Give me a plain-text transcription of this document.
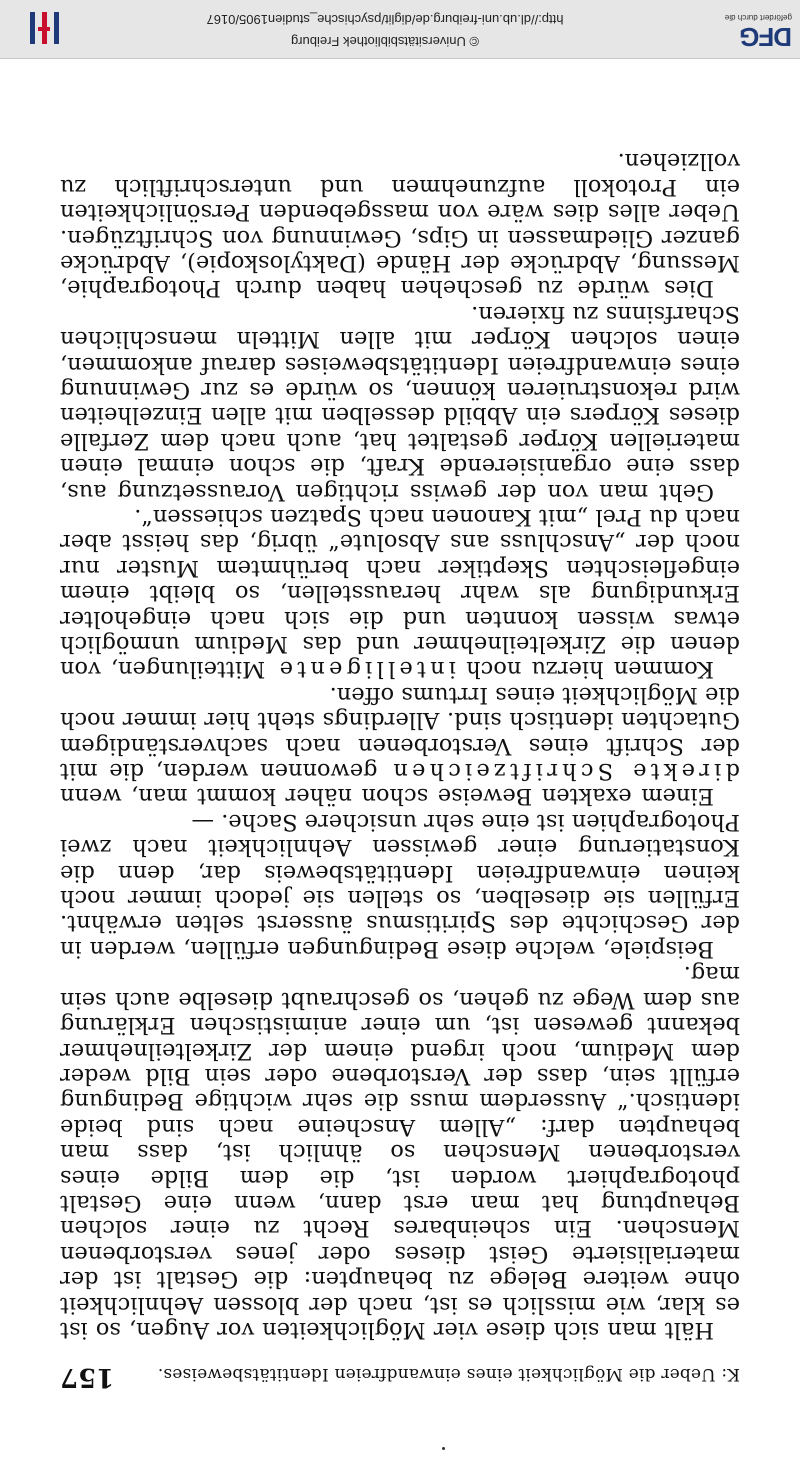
K: Ueber die Möglichkeit eines einwandfreien Identitätsbeweises.
157

Hält man sich diese vier Möglichkeiten vor Augen, so ist es klar, wie misslich es ist, nach der blossen Aehnlichkeit ohne weitere Belege zu behaupten: die Gestalt ist der materialisierte Geist dieses oder jenes verstorbenen Menschen. Ein scheinbares Recht zu einer solchen Behauptung hat man erst dann, wenn eine Gestalt photographiert worden ist, die dem Bilde eines verstorbenen Menschen so ähnlich ist, dass man behaupten darf: „Allem Anscheine nach sind beide identisch.“ Ausserdem muss die sehr wichtige Bedingung erfüllt sein, dass der Verstorbene oder sein Bild weder dem Medium, noch irgend einem der Zirkelteilnehmer bekannt gewesen ist, um einer animistischen Erklärung aus dem Wege zu gehen, so geschraubt dieselbe auch sein mag.

Beispiele, welche diese Bedingungen erfüllen, werden in der Geschichte des Spiritismus äusserst selten erwähnt. Erfüllen sie dieselben, so stellen sie jedoch immer noch keinen einwandfreien Identitätsbeweis dar, denn die Konstatierung einer gewissen Aehnlichkeit nach zwei Photographien ist eine sehr unsichere Sache. —

Einem exakten Beweise schon näher kommt man, wenn direkte Schriftzeichen gewonnen werden, die mit der Schrift eines Verstorbenen nach sachverständigem Gutachten identisch sind. Allerdings steht hier immer noch die Möglichkeit eines Irrtums offen.

Kommen hierzu noch intelligente Mitteilungen, von denen die Zirkelteilnehmer und das Medium unmöglich etwas wissen konnten und die sich nach eingeholter Erkundigung als wahr herausstellen, so bleibt einem eingefleischten Skeptiker nach berühmtem Muster nur noch der „Anschluss ans Absolute“ übrig, das heisst aber nach du Prel „mit Kanonen nach Spatzen schiessen“.

Geht man von der gewiss richtigen Voraussetzung aus, dass eine organisierende Kraft, die schon einmal einen materiellen Körper gestaltet hat, auch nach dem Zerfalle dieses Körpers ein Abbild desselben mit allen Einzelheiten wird rekonstruieren können, so würde es zur Gewinnung eines einwandfreien Identitätsbeweises darauf ankommen, einen solchen Körper mit allen Mitteln menschlichen Scharfsinns zu fixieren.

Dies würde zu geschehen haben durch Photographie, Messung, Abdrücke der Hände (Daktyloskopie), Abdrücke ganzer Gliedmassen in Gips, Gewinnung von Schriftzügen. Ueber alles dies wäre von massgebenden Persönlichkeiten ein Protokoll aufzunehmen und unterschriftlich zu vollziehen.

DFG
gefördert durch die
© Universitätsbibliothek Freiburg
http://dl.ub.uni-freiburg.de/diglit/psychische_studien1905/0167
